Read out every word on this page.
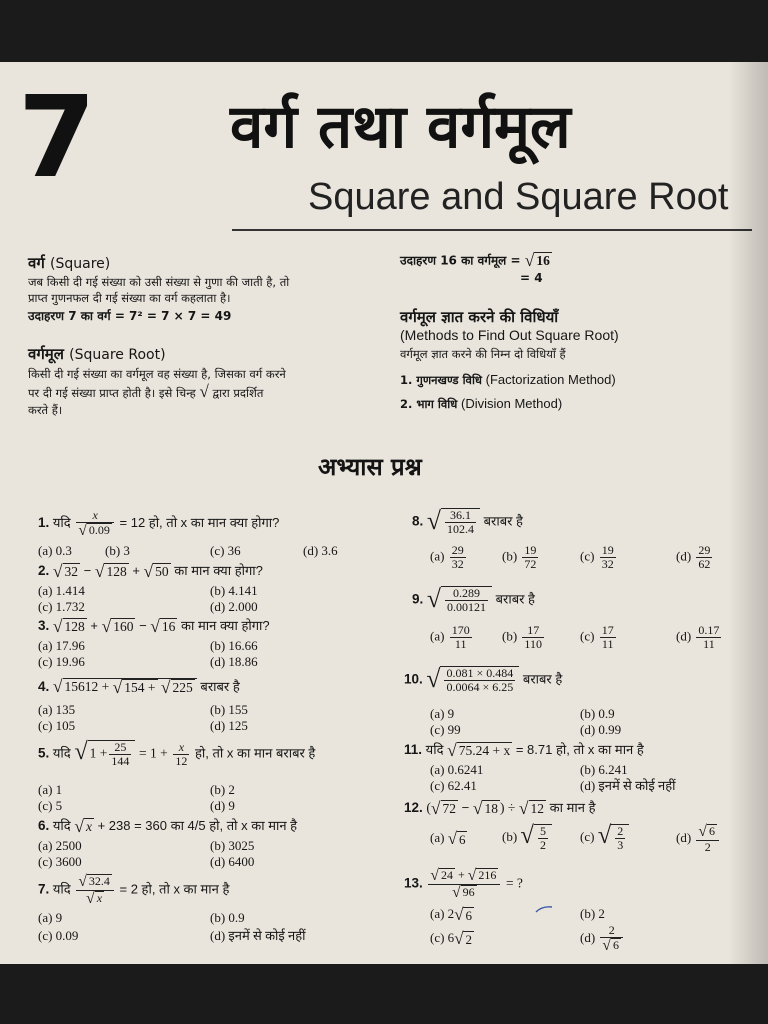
7 वर्ग तथा वर्गमूल
Square and Square Root
वर्ग (Square)
जब किसी दी गई संख्या को उसी संख्या से गुणा की जाती है, तो
प्राप्त गुणनफल दी गई संख्या का वर्ग कहलाता है।
उदाहरण 7 का वर्ग = 7² = 7 × 7 = 49
वर्गमूल (Square Root)
किसी दी गई संख्या का वर्गमूल वह संख्या है, जिसका वर्ग करने
पर दी गई संख्या प्राप्त होती है। इसे चिन्ह √ द्वारा प्रदर्शित
करते हैं।
उदाहरण 16 का वर्गमूल = √ 16
= 4
वर्गमूल ज्ञात करने की विधियाँ
(Methods to Find Out Square Root)
वर्गमूल ज्ञात करने की निम्न दो विधियाँ हैं
1. गुणनखण्ड विधि (Factorization Method)
2. भाग विधि (Division Method)
अभ्यास प्रश्न
1. यदि $\frac{x}{√ 0.09} = 12$ हो, तो x का मान क्या होगा?
(a) 0.3	(b) 3	(c) 36	(d) 3.6
2. √ 32 − √ 128 + √ 50 का मान क्या होगा?
(a) 1.414	(b) 4.141
(c) 1.732	(d) 2.000
3. √ 128 + √ 160 − √ 16 का मान क्या होगा?
(a) 17.96	(b) 16.66
(c) 19.96	(d) 18.86
4. √ 15612 + √ 154 +
√ 225 बराबर है
(a) 135	(b) 155
(c) 105	(d) 125
5. यदि √ $1 + \frac{25}{144} = 1 + \frac{x}{12}$ हो, तो x का मान बराबर है
(a) 1	(b) 2
(c) 5	(d) 9
6. यदि √ x + 238 = 360 का 4/5 हो, तो x का मान है
(a) 2500	(b) 3025
(c) 3600	(d) 6400
7. यदि $\frac{√ 32.4}{√ x} = 2$ हो, तो x का मान है
(a) 9	(b) 0.9
(c) 0.09	(d) इनमें से कोई नहीं
8. √ $\frac{36.1}{102.4}$ बराबर है
$(a) \frac{29}{32}$	$(b) \frac{19}{72}$	$(c) \frac{19}{32}$	$(d) \frac{29}{62}$
9. √ $\frac{0.289}{0.00121}$ बराबर है
$(a) \frac{170}{11} (b) \frac{17}{110}$	$(c) \frac{17}{11}$	$(d) \frac{0.17}{11}$
10. √ $\frac{0.081 \times 0.484}{0.0064 \times 6.25}$ बराबर है
(a) 9	(b) 0.9
(c) 99	(d) 0.99
11. यदि √ 75.24 + x = 8.71 हो, तो x का मान है
(a) 0.6241	(b) 6.241
(c) 62.41	(d) इनमें से कोई नहीं
12. ( √ 72 − √ 18 ) ÷ √ 12 का मान है
(a) √ 6	(b) √ $\frac{5}{2} (c)$ √ $\frac{2}{3}$	$(d) \frac{√ 6}{2}$
13. $\frac{√ 24 + √ 216}{√ 96}$ = ?
(a) 2 √ 6	(b) 2
(c) 6 √ 2	$(d) \frac{2}{√ 6}$
